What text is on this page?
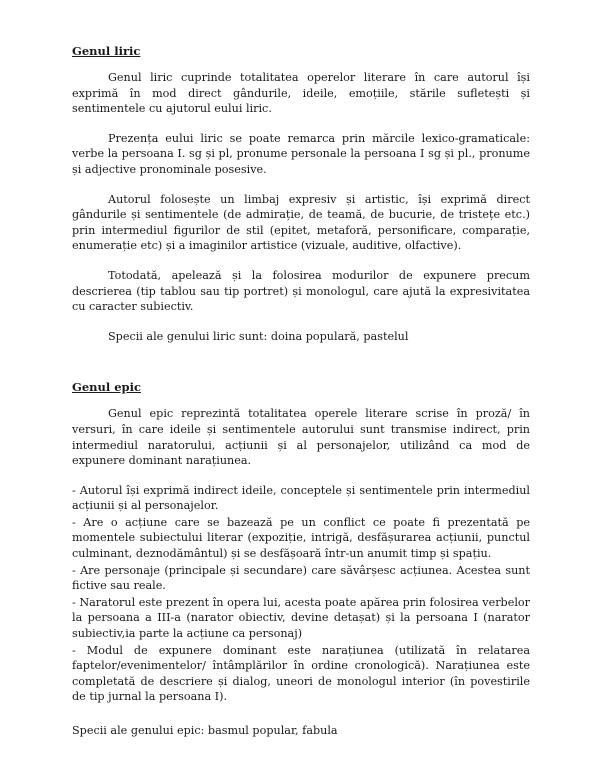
Genul liric

Genul liric cuprinde totalitatea operelor literare în care autorul își exprimă în mod direct gândurile, ideile, emoțiile, stările sufletești și sentimentele cu ajutorul eului liric.

Prezența eului liric se poate remarca prin mărcile lexico-gramaticale: verbe la persoana I. sg și pl, pronume personale la persoana I sg și pl., pronume și adjective pronominale posesive.

Autorul folosește un limbaj expresiv și artistic, își exprimă direct gândurile și sentimentele (de admirație, de teamă, de bucurie, de tristețe etc.) prin intermediul figurilor de stil (epitet, metaforă, personificare, comparație, enumerație etc) și a imaginilor artistice (vizuale, auditive, olfactive).

Totodată, apelează și la folosirea modurilor de expunere precum descrierea (tip tablou sau tip portret) și monologul, care ajută la expresivitatea cu caracter subiectiv.

Specii ale genului liric sunt: doina populară, pastelul

Genul epic

Genul epic reprezintă totalitatea operele literare scrise în proză/ în versuri, în care ideile și sentimentele autorului sunt transmise indirect, prin intermediul naratorului, acțiunii și al personajelor, utilizând ca mod de expunere dominant narațiunea.

- Autorul își exprimă indirect ideile, conceptele și sentimentele prin intermediul acțiunii și al personajelor.

- Are o acțiune care se bazează pe un conflict ce poate fi prezentată pe momentele subiectului literar (expoziție, intrigă, desfășurarea acțiunii, punctul culminant, deznodământul) și se desfășoară într-un anumit timp și spațiu.

- Are personaje (principale și secundare) care săvârșesc acțiunea. Acestea sunt fictive sau reale.

- Naratorul este prezent în opera lui, acesta poate apărea prin folosirea verbelor la persoana a III-a (narator obiectiv, devine detașat) și la persoana I (narator subiectiv,ia parte la acțiune ca personaj)

- Modul de expunere dominant este narațiunea (utilizată în relatarea faptelor/evenimentelor/ întâmplărilor în ordine cronologică). Narațiunea este completată de descriere și dialog, uneori de monologul interior (în povestirile de tip jurnal la persoana I).

Specii ale genului epic: basmul popular, fabula
